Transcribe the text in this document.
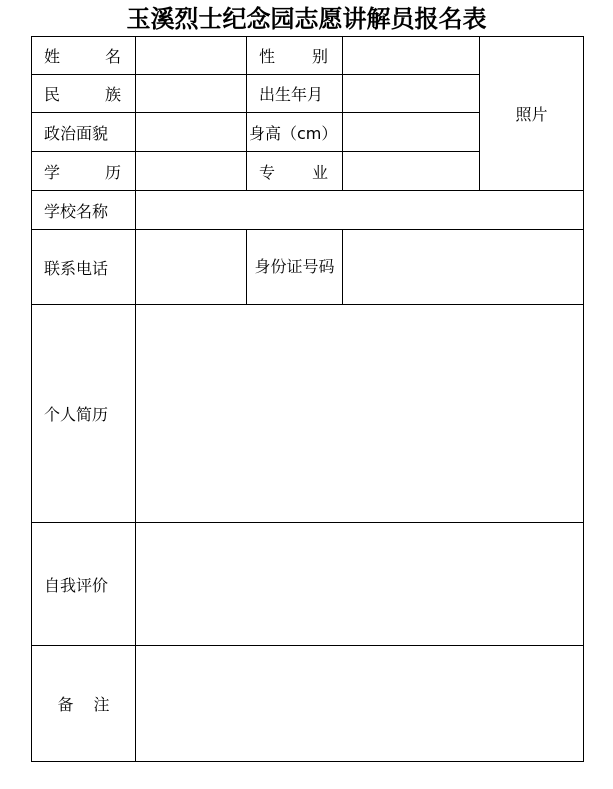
玉溪烈士纪念园志愿讲解员报名表
姓 名		性 别		照片

民 族		出生年月		
政治面貌		身高（cm）		

学 历		专 业		

学校名称				
联系电话		身份证号码		
个人简历				
自我评价				
备 注				
